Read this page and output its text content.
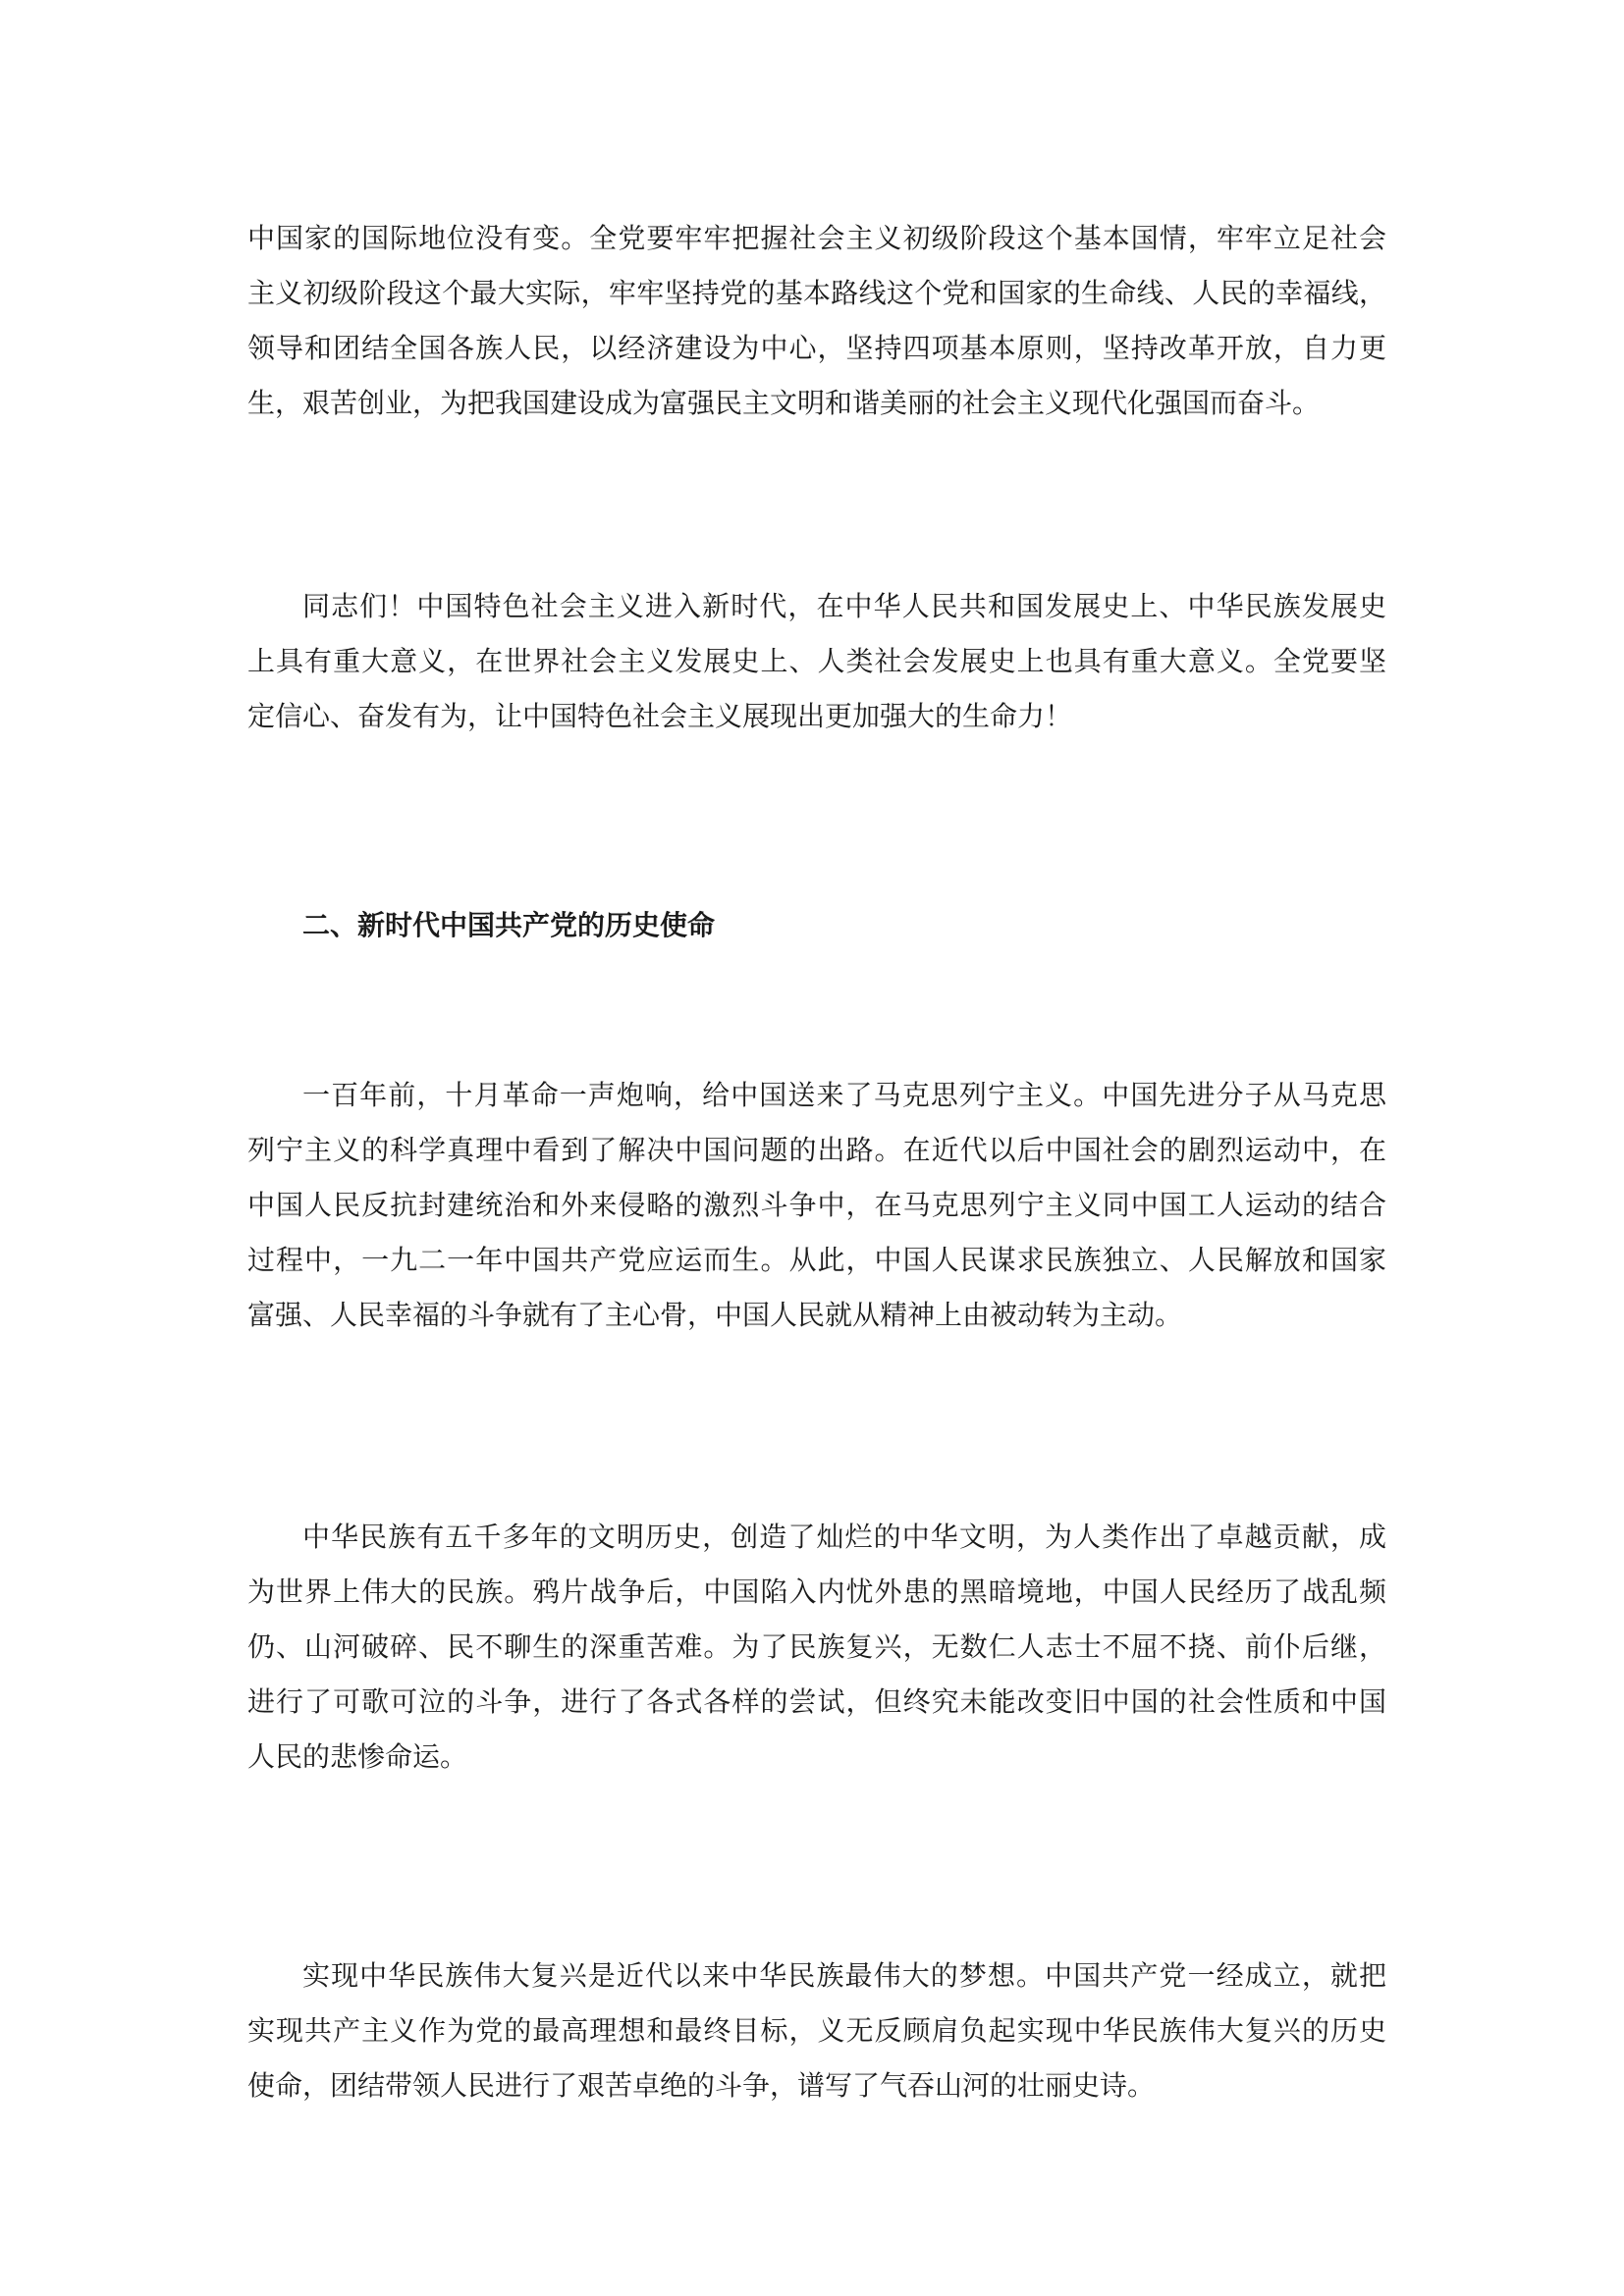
中国家的国际地位没有变。全党要牢牢把握社会主义初级阶段这个基本国情，牢牢立足社会
主义初级阶段这个最大实际，牢牢坚持党的基本路线这个党和国家的生命线、人民的幸福线，
领导和团结全国各族人民，以经济建设为中心，坚持四项基本原则，坚持改革开放，自力更
生，艰苦创业，为把我国建设成为富强民主文明和谐美丽的社会主义现代化强国而奋斗。

同志们！中国特色社会主义进入新时代，在中华人民共和国发展史上、中华民族发展史
上具有重大意义，在世界社会主义发展史上、人类社会发展史上也具有重大意义。全党要坚
定信心、奋发有为，让中国特色社会主义展现出更加强大的生命力！

二、新时代中国共产党的历史使命

一百年前，十月革命一声炮响，给中国送来了马克思列宁主义。中国先进分子从马克思
列宁主义的科学真理中看到了解决中国问题的出路。在近代以后中国社会的剧烈运动中，在
中国人民反抗封建统治和外来侵略的激烈斗争中，在马克思列宁主义同中国工人运动的结合
过程中，一九二一年中国共产党应运而生。从此，中国人民谋求民族独立、人民解放和国家
富强、人民幸福的斗争就有了主心骨，中国人民就从精神上由被动转为主动。

中华民族有五千多年的文明历史，创造了灿烂的中华文明，为人类作出了卓越贡献，成
为世界上伟大的民族。鸦片战争后，中国陷入内忧外患的黑暗境地，中国人民经历了战乱频
仍、山河破碎、民不聊生的深重苦难。为了民族复兴，无数仁人志士不屈不挠、前仆后继，
进行了可歌可泣的斗争，进行了各式各样的尝试，但终究未能改变旧中国的社会性质和中国
人民的悲惨命运。

实现中华民族伟大复兴是近代以来中华民族最伟大的梦想。中国共产党一经成立，就把
实现共产主义作为党的最高理想和最终目标，义无反顾肩负起实现中华民族伟大复兴的历史
使命，团结带领人民进行了艰苦卓绝的斗争，谱写了气吞山河的壮丽史诗。
